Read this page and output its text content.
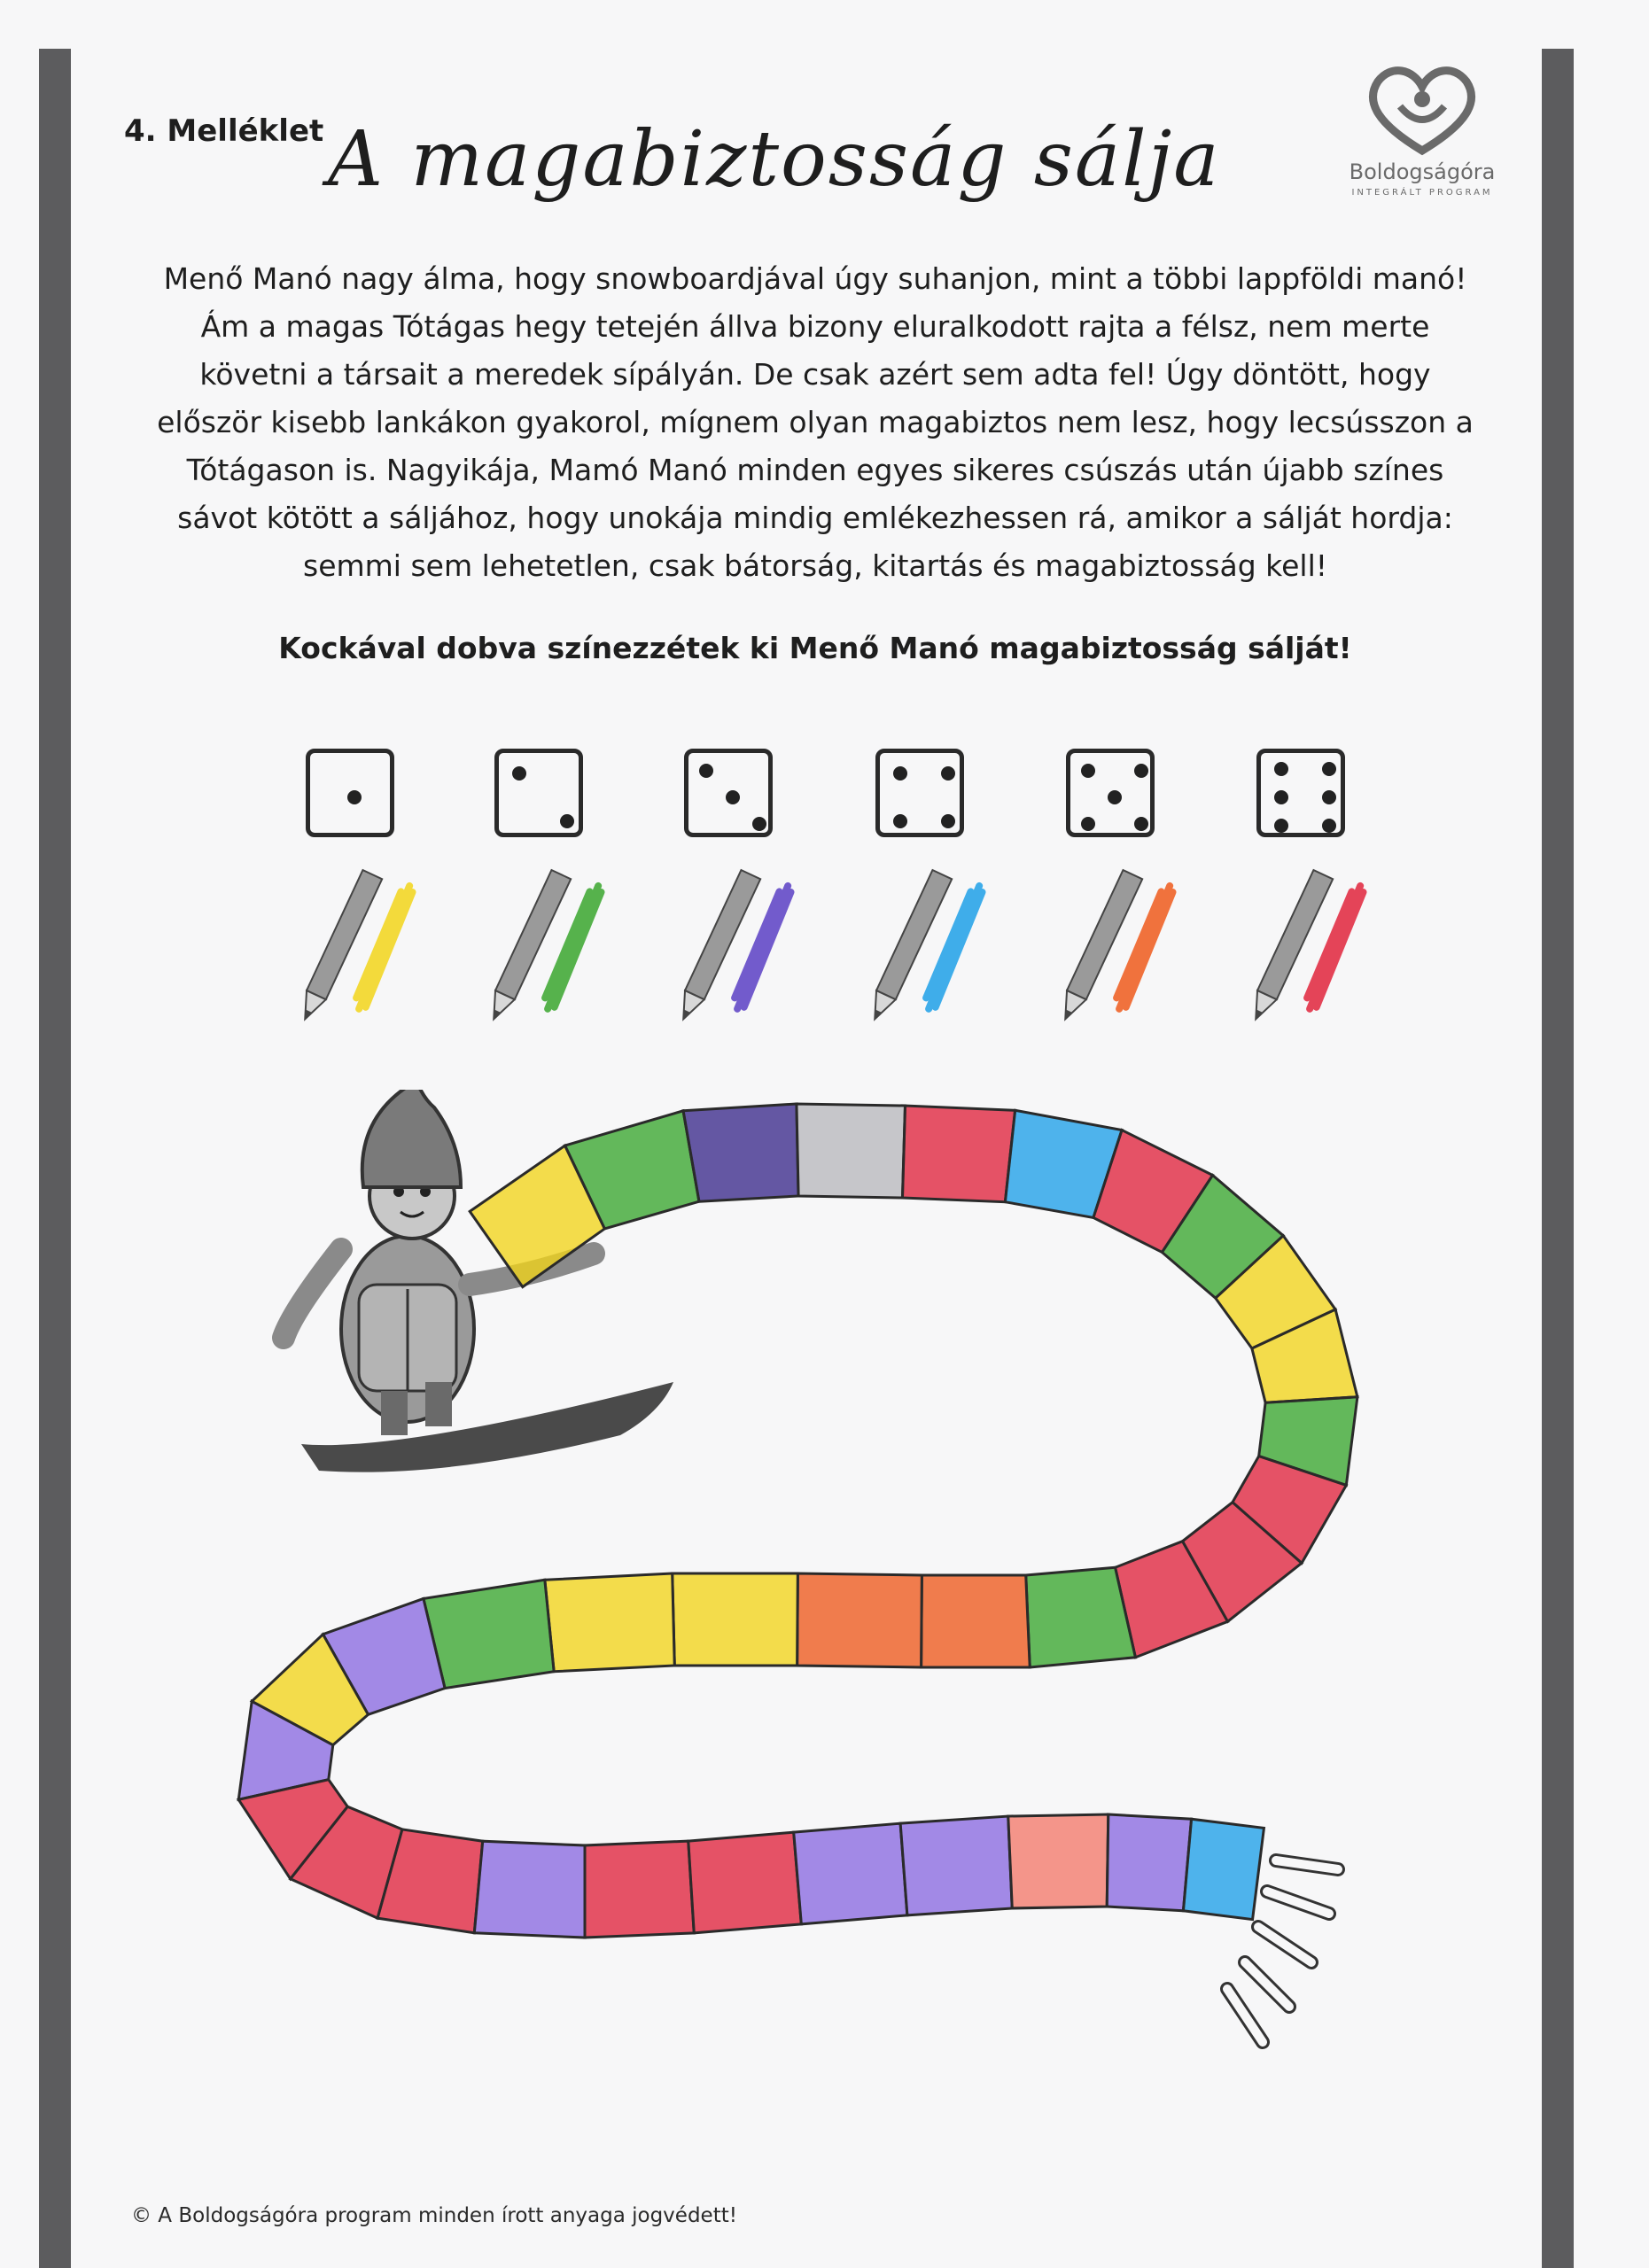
4. Melléklet A magabiztosság sálja	Boldogságóra
INTEGRÁLT PROGRAM

Menő Manó nagy álma, hogy snowboardjával úgy suhanjon, mint a többi lappföldi manó!

Ám a magas Tótágas hegy tetején állva bizony eluralkodott rajta a félsz, nem merte

követni a társait a meredek sípályán. De csak azért sem adta fel! Úgy döntött, hogy

először kisebb lankákon gyakorol, mígnem olyan magabiztos nem lesz, hogy lecsússzon a

Tótágason is. Nagyikája, Mamó Manó minden egyes sikeres csúszás után újabb színes

sávot kötött a sáljához, hogy unokája mindig emlékezhessen rá, amikor a sálját hordja:

semmi sem lehetetlen, csak bátorság, kitartás és magabiztosság kell!

Kockával dobva színezzétek ki Menő Manó magabiztosság sálját!
© A Boldogságóra program minden írott anyaga jogvédett!
